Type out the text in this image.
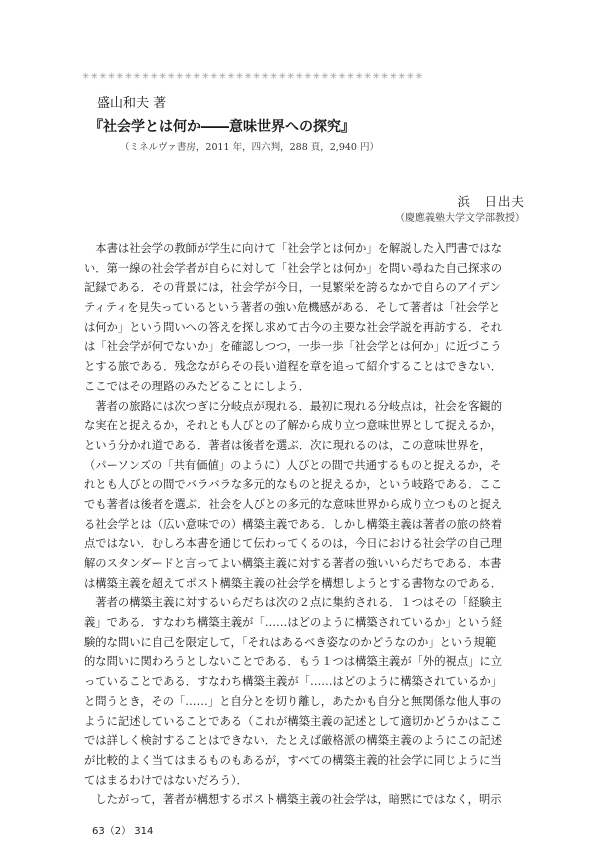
✳✳✳✳✳✳✳✳✳✳✳✳✳✳✳✳✳✳✳✳✳✳✳✳✳✳✳✳✳✳✳✳✳✳✳✳✳✳✳✳
盛山和夫 著
『社会学とは何か――意味世界への探究』
（ミネルヴァ書房，2011 年，四六判，288 頁，2,940 円）
浜　日出夫
（慶應義塾大学文学部教授）
　本書は社会学の教師が学生に向けて「社会学とは何か」を解説した入門書ではな
い．第一線の社会学者が自らに対して「社会学とは何か」を問い尋ねた自己探求の
記録である．その背景には，社会学が今日，一見繁栄を誇るなかで自らのアイデン
ティティを見失っているという著者の強い危機感がある．そして著者は「社会学と
は何か」という問いへの答えを探し求めて古今の主要な社会学説を再訪する．それ
は「社会学が何でないか」を確認しつつ，一歩一歩「社会学とは何か」に近づこう
とする旅である．残念ながらその長い道程を章を追って紹介することはできない．
ここではその理路のみたどることにしよう．
　著者の旅路には次つぎに分岐点が現れる．最初に現れる分岐点は，社会を客観的
な実在と捉えるか，それとも人びとの了解から成り立つ意味世界として捉えるか，
という分かれ道である．著者は後者を選ぶ．次に現れるのは，この意味世界を，
（パーソンズの「共有価値」のように）人びとの間で共通するものと捉えるか，そ
れとも人びとの間でバラバラな多元的なものと捉えるか，という岐路である．ここ
でも著者は後者を選ぶ．社会を人びとの多元的な意味世界から成り立つものと捉え
る社会学とは（広い意味での）構築主義である．しかし構築主義は著者の旅の終着
点ではない．むしろ本書を通じて伝わってくるのは，今日における社会学の自己理
解のスタンダードと言ってよい構築主義に対する著者の強いいらだちである．本書
は構築主義を超えてポスト構築主義の社会学を構想しようとする書物なのである．
　著者の構築主義に対するいらだちは次の２点に集約される．１つはその「経験主
義」である．すなわち構築主義が「……はどのように構築されているか」という経
験的な問いに自己を限定して，「それはあるべき姿なのかどうなのか」という規範
的な問いに関わろうとしないことである．もう１つは構築主義が「外的視点」に立
っていることである．すなわち構築主義が「……はどのように構築されているか」
と問うとき，その「……」と自分とを切り離し，あたかも自分と無関係な他人事の
ように記述していることである（これが構築主義の記述として適切かどうかはここ
では詳しく検討することはできない．たとえば厳格派の構築主義のようにこの記述
が比較的よく当てはまるものもあるが，すべての構築主義的社会学に同じように当
てはまるわけではないだろう）．
　したがって，著者が構想するポスト構築主義の社会学は，暗黙にではなく，明示
63（2） 314
